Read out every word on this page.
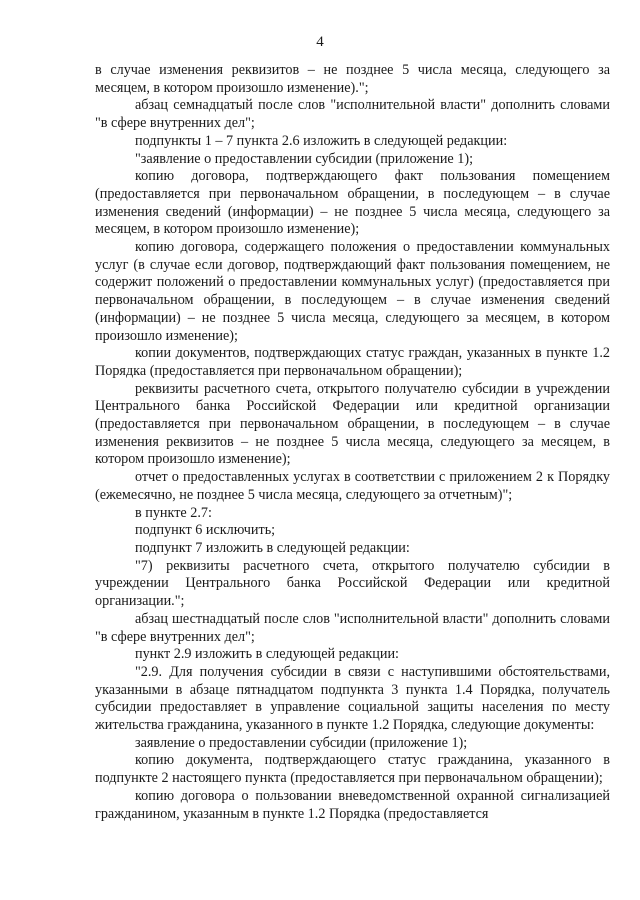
4

в случае изменения реквизитов – не позднее 5 числа месяца, следующего за месяцем, в котором произошло изменение).";

абзац семнадцатый после слов "исполнительной власти" дополнить словами "в сфере внутренних дел";

подпункты 1 – 7 пункта 2.6 изложить в следующей редакции:

"заявление о предоставлении субсидии (приложение 1);

копию договора, подтверждающего факт пользования помещением (предоставляется при первоначальном обращении, в последующем – в случае изменения сведений (информации) – не позднее 5 числа месяца, следующего за месяцем, в котором произошло изменение);

копию договора, содержащего положения о предоставлении коммунальных услуг (в случае если договор, подтверждающий факт пользования помещением, не содержит положений о предоставлении коммунальных услуг) (предоставляется при первоначальном обращении, в последующем – в случае изменения сведений (информации) – не позднее 5 числа месяца, следующего за месяцем, в котором произошло изменение);

копии документов, подтверждающих статус граждан, указанных в пункте 1.2 Порядка (предоставляется при первоначальном обращении);

реквизиты расчетного счета, открытого получателю субсидии в учреждении Центрального банка Российской Федерации или кредитной организации (предоставляется при первоначальном обращении, в последующем – в случае изменения реквизитов – не позднее 5 числа месяца, следующего за месяцем, в котором произошло изменение);

отчет о предоставленных услугах в соответствии с приложением 2 к Порядку (ежемесячно, не позднее 5 числа месяца, следующего за отчетным)";

в пункте 2.7:

подпункт 6 исключить;

подпункт 7 изложить в следующей редакции:

"7) реквизиты расчетного счета, открытого получателю субсидии в учреждении Центрального банка Российской Федерации или кредитной организации.";

абзац шестнадцатый после слов "исполнительной власти" дополнить словами "в сфере внутренних дел";

пункт 2.9 изложить в следующей редакции:

"2.9. Для получения субсидии в связи с наступившими обстоятельствами, указанными в абзаце пятнадцатом подпункта 3 пункта 1.4 Порядка, получатель субсидии предоставляет в управление социальной защиты населения по месту жительства гражданина, указанного в пункте 1.2 Порядка, следующие документы:

заявление о предоставлении субсидии (приложение 1);

копию документа, подтверждающего статус гражданина, указанного в подпункте 2 настоящего пункта (предоставляется при первоначальном обращении);

копию договора о пользовании вневедомственной охранной сигнализацией гражданином, указанным в пункте 1.2 Порядка (предоставляется
